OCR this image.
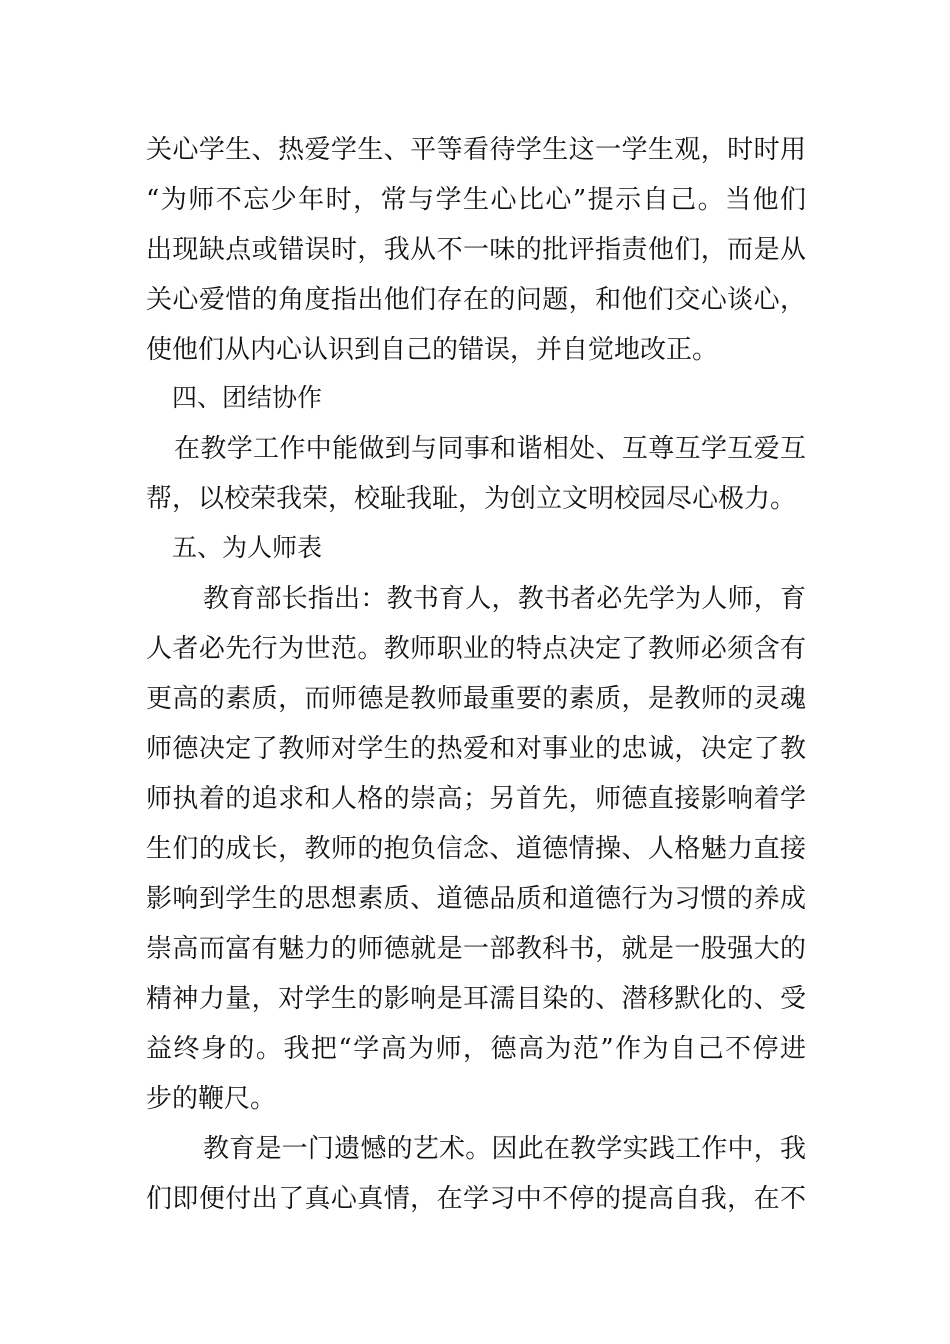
关心学生、热爱学生、平等看待学生这一学生观，时时用
“为师不忘少年时，常与学生心比心”提示自己。当他们
出现缺点或错误时，我从不一味的批评指责他们，而是从
关心爱惜的角度指出他们存在的问题，和他们交心谈心，
使他们从内心认识到自己的错误，并自觉地改正。
四、团结协作
在教学工作中能做到与同事和谐相处、互尊互学互爱互
帮，以校荣我荣，校耻我耻，为创立文明校园尽心极力。
五、为人师表
教育部长指出：教书育人，教书者必先学为人师，育
人者必先行为世范。教师职业的特点决定了教师必须含有
更高的素质，而师德是教师最重要的素质，是教师的灵魂
师德决定了教师对学生的热爱和对事业的忠诚，决定了教
师执着的追求和人格的崇高；另首先，师德直接影响着学
生们的成长，教师的抱负信念、道德情操、人格魅力直接
影响到学生的思想素质、道德品质和道德行为习惯的养成
崇高而富有魅力的师德就是一部教科书，就是一股强大的
精神力量，对学生的影响是耳濡目染的、潜移默化的、受
益终身的。我把“学高为师，德高为范”作为自己不停进
步的鞭尺。
教育是一门遗憾的艺术。因此在教学实践工作中，我
们即便付出了真心真情，在学习中不停的提高自我，在不
